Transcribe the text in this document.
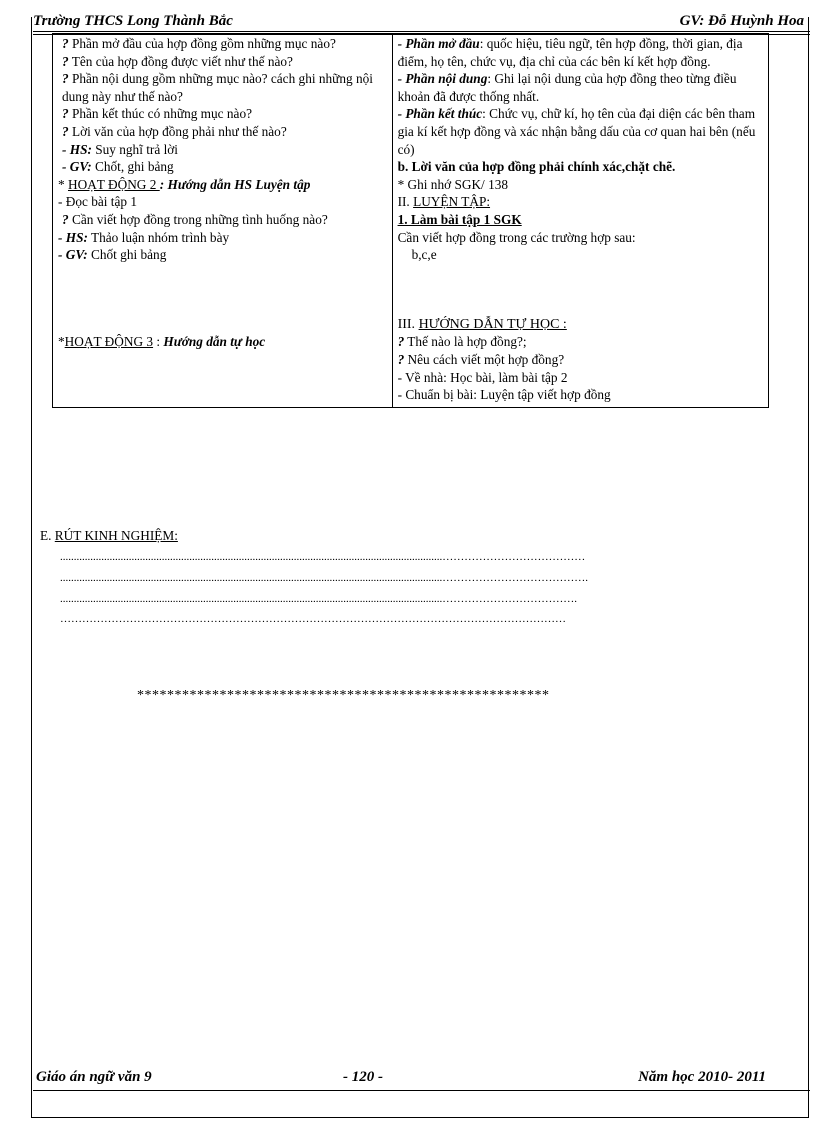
Trường THCS Long Thành Bắc	GV: Đỗ Huỳnh Hoa
? Phần mở đầu của hợp đồng gồm những mục nào?
? Tên của hợp đồng được viết như thế nào?
? Phần nội dung gồm những mục nào? cách ghi những nội dung này như thế nào?
? Phần kết thúc có những mục nào?
? Lời văn của hợp đồng phải như thế nào?
- HS: Suy nghĩ trả lời
- GV: Chốt, ghi bảng
* HOẠT ĐỘNG 2 : Hướng dẫn HS Luyện tập
- Đọc bài tập 1
? Cần viết hợp đồng trong những tình huống nào?
- HS: Thảo luận nhóm trình bày
- GV: Chốt ghi bảng
*HOẠT ĐỘNG 3 : Hướng dẫn tự học

- Phần mở đầu: quốc hiệu, tiêu ngữ, tên hợp đồng, thời gian, địa điểm, họ tên, chức vụ, địa chỉ của các bên kí kết hợp đồng.
- Phần nội dung: Ghi lại nội dung của hợp đồng theo từng điều khoản đã được thống nhất.
- Phần kết thúc: Chức vụ, chữ kí, họ tên của đại diện các bên tham gia kí kết hợp đồng và xác nhận bằng dấu của cơ quan hai bên (nếu có)
b. Lời văn của hợp đồng phải chính xác,chặt chẽ.
* Ghi nhớ SGK/ 138
II. LUYỆN TẬP:
1. Làm bài tập 1 SGK
Cần viết hợp đồng trong các trường hợp sau:
b,c,e
III. HƯỚNG DẪN TỰ HỌC :
? Thế nào là hợp đồng?;
? Nêu cách viết một hợp đồng?
- Về nhà: Học bài, làm bài tập 2
- Chuẩn bị bài: Luyện tập viết hợp đồng
E. RÚT KINH NGHIỆM:
...........................................................................................................................................…………………………………
...........................................................................................................................................………………………………….
...........................................................................................................................................……………………………….
…………………………………………………………………………………………………………………………
*******************************************************
Giáo án ngữ văn 9	- 120 -	Năm học 2010- 2011
